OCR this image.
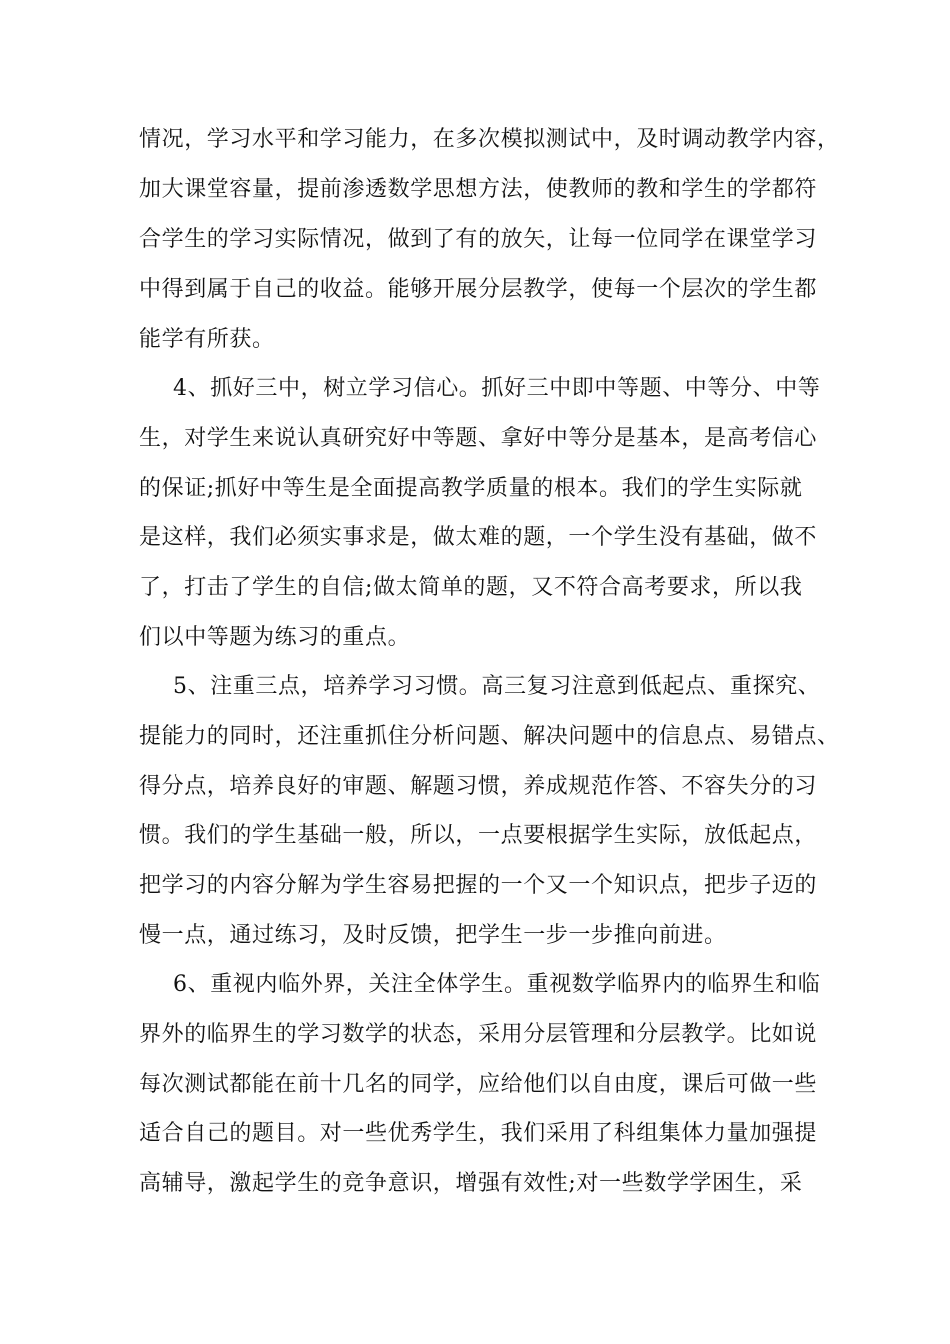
情况，学习水平和学习能力，在多次模拟测试中，及时调动教学内容，
加大课堂容量，提前渗透数学思想方法，使教师的教和学生的学都符
合学生的学习实际情况，做到了有的放矢，让每一位同学在课堂学习
中得到属于自己的收益。能够开展分层教学，使每一个层次的学生都
能学有所获。
4、抓好三中，树立学习信心。抓好三中即中等题、中等分、中等
生，对学生来说认真研究好中等题、拿好中等分是基本，是高考信心
的保证;抓好中等生是全面提高教学质量的根本。我们的学生实际就
是这样，我们必须实事求是，做太难的题，一个学生没有基础，做不
了，打击了学生的自信;做太简单的题，又不符合高考要求，所以我
们以中等题为练习的重点。
5、注重三点，培养学习习惯。高三复习注意到低起点、重探究、
提能力的同时，还注重抓住分析问题、解决问题中的信息点、易错点、
得分点，培养良好的审题、解题习惯，养成规范作答、不容失分的习
惯。我们的学生基础一般，所以，一点要根据学生实际，放低起点，
把学习的内容分解为学生容易把握的一个又一个知识点，把步子迈的
慢一点，通过练习，及时反馈，把学生一步一步推向前进。
6、重视内临外界，关注全体学生。重视数学临界内的临界生和临
界外的临界生的学习数学的状态，采用分层管理和分层教学。比如说
每次测试都能在前十几名的同学，应给他们以自由度，课后可做一些
适合自己的题目。对一些优秀学生，我们采用了科组集体力量加强提
高辅导，激起学生的竞争意识，增强有效性;对一些数学学困生，采
